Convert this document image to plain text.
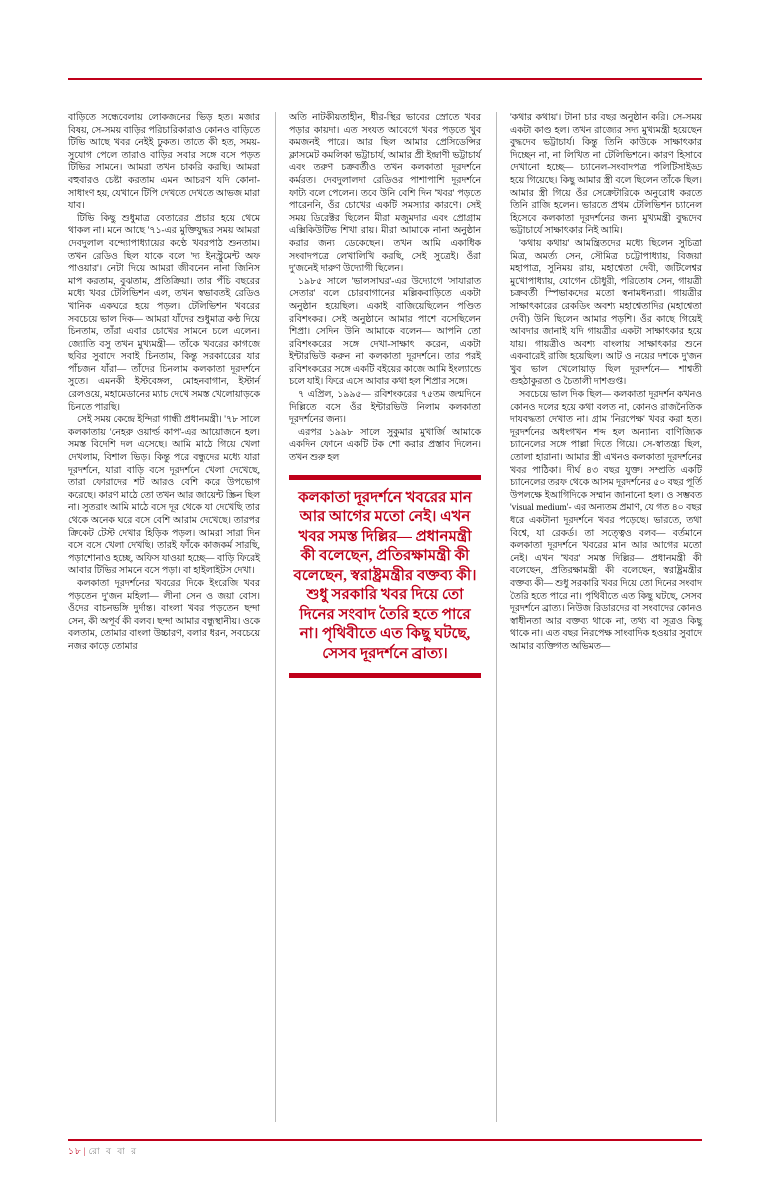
বাড়িতে সন্ধেবেলায় লোকজনের ভিড় হত। মজার বিষয়, সে-সময় বাড়ির পরিচারিকারাও কোনও বাড়িতে টিভি আছে খবর নেইই ঢুকত। তাতে কী হত, সময়-সুযোগ পেলে তারাও বাড়ির সবার সঙ্গে বসে পড়ত টিভির সামনে। আমরা তখন চাকরি করছি। আমরা বহুবারও চেষ্টা করতাম এমন আচরণ যদি কোনা-সাধাংণ হয়, যেখানে টিপি দেখতে দেখতে আভজ মারা যাব।

টিভি কিছু শুধুমাত্র বেতারের প্রচার হয়ে থেমে থাকল না। মনে আছে '৭১-এর মুক্তিযুদ্ধর সময় আমরা দেবদুলাল বন্দ্যোপাধ্যায়ের কণ্ঠে খবরপাঠ শুনতাম। তখন রেডিও ছিল যাকে বলে 'দ্য ইনস্ট্রুমেন্ট অফ পাওয়ার'। নেটা দিয়ে আমরা জীবনেন নানা জিনিস মাপ করতাম, বুঝতাম, প্রতিক্রিয়া। তার পঁচি বছরের মধ্যে খবর টেলিভিশন এল, তখন স্বভাবতই রেডিও খানিক একঘরে হয়ে পড়ল। টেলিভিশন খবরের সবচেয়ে ভাল দিক— আমরা যাঁদের শুধুমাত্র কণ্ঠ দিয়ে চিনতাম, তাঁরা এবার চোখের সামনে চলে এলেন। জ্যোতি বসু তখন মুখ্যমন্ত্রী— তাঁকে খবরের কাগজে ছবির সুবাদে সবাই চিনতাম, কিন্তু সরকারেের যার পাঁচজন যাঁরা— তাঁদের চিনলাম কলকাতা দূরদর্শনে সুতে। এমনকী ইস্টবেঙ্গল, মোহনবাগান, ইস্টার্ন রেলওয়ে, মহামেডানের ম্যাচ দেখে সমস্ত খেলোয়াড়কে চিনতে পারছি।

সেই সময় কেন্দ্রে ইন্দিরা গান্ধী প্রধানমন্ত্রী। '৭৮ সালে কলকাতায় 'নেহরু ওয়ার্ল্ড কাপ'-এর আয়োজনে হল। সমস্ত বিদেশি দল এসেছে। আমি মাঠে গিয়ে খেলা দেখলাম, বিশাল ভিড়। কিন্তু পরে বন্ধুদের মধ্যে যারা দূরদর্শনে, যারা বাড়ি বসে দূরদর্শনে খেলা দেখেছে, তারা ফোরাদের শট আরও বেশি করে উপভোগ করেছে। কারণ মাঠে তো তখন আর জায়েন্ট স্ক্রিন ছিল না। সুতরাং আমি মাঠে বসে দূর থেকে যা দেখেছি তার থেকে অনেক ঘরে বসে বেশি আরাম দেখেছে। তারপর ক্রিকেট টেস্ট দেখার হিড়িক পড়ল। আমরা সারা দিন বসে বসে খেলা দেখছি। তারই ফাঁকে কাজকর্ম সারছি, পড়াশোনাও হচ্ছে, অফিস যাওয়া হচ্ছে— বাড়ি ফিরেই আবার টিভির সামনে বসে পড়া। বা হাইলাইটস দেখা।

কলকাতা দূরদর্শনের খবরের দিকে ইংরেজি খবর পড়তেন দু'জন মহিলা— লীনা সেন ও জয়া বোস। ওঁদের বাচনভঙ্গি দুর্দান্ত। বাংলা খবর পড়তেন ছন্দা সেন, কী অপূর্ব কী বলব। ছন্দা আমার বন্ধুস্থানীয়। ওকে বলতাম, তোমার বাংলা উচ্চারণ, বলার ধরন, সবচেয়ে নজর কাড়ে তোমার

অতি নাটকীয়তাহীন, ধীর-স্থির ভাবের স্রোতে খবর পড়ার কায়দা। এত সংযত আবেগে খবর পড়তে খুব কমজনই পারে। আর ছিল আমার প্রেসিডেন্সির ক্লাসমেট কমলিকা ভট্টাচার্য, আমার প্রী ইন্দ্রাণী ভট্টাচার্য এবং তরুণ চক্রবর্তীও তখন কলকাতা দূরদর্শনে কর্মরত। দেবদুলালদা রেডিওর পাশাপাশি দূরদর্শনে ফাট্য বলে পেলেন। তবে উনি বেশি দিন 'খবর' পড়তে পারেননি, ওঁর চোখের একটি সমস্যার কারণে। সেই সময় ডিরেক্টর ছিলেন মীরা মজুমদার এবং প্রোগ্রাম এক্সিকিউটিভ শিখা রায়। মীরা আমাকে নানা অনুষ্ঠান করার জন্য ডেকেছেন। তখন আমি একাধিক সংবাদপত্রে লেখালিখি করছি, সেই সুত্রেই। ওঁরা দু'জনেই দারুণ উদ্যোগী ছিলেন।

১৯৮৫ সালে 'ভালসাঘর'-এর উদ্যোগে 'সাযারাত সেতার' বলে চোরবাগানের মল্লিকবাড়িতে একটা অনুষ্ঠান হয়েছিল। একাই বাজিয়েছিলেন পণ্ডিত রবিশংকর। সেই অনুষ্ঠানে আমার পাশে বসেছিলেন শিপ্রা। সেদিন উনি আমাকে বলেন— আপনি তো রবিশংকরের সঙ্গে দেখা-সাক্ষাৎ করেন, একটা ইন্টারভিউ করুন না কলকাতা দূরদর্শনে। তার পরই রবিশংকরের সঙ্গে একটি বইয়ের কাজে আমি ইংল্যান্ডে চলে যাই। ফিরে এসে আবার কথা হল শিপ্রার সঙ্গে।

৭ এপ্রিল, ১৯৯৫— রবিশংকরের ৭৫তম জন্মদিনে দিল্লিতে বসে ওঁর ইন্টারভিউ নিলাম কলকাতা দূরদর্শনের জন্য।

এরপর ১৯৯৮ সালে সুকুমার মুখার্জি আমাকে একদিন ফোনে একটি টক শো করার প্রস্তাব দিলেন। তখন শুরু হল

কলকাতা দূরদর্শনে খবরের মান আর আগের মতো নেই। এখন খবর সমস্ত দিল্লির— প্রধানমন্ত্রী কী বলেছেন, প্রতিরক্ষামন্ত্রী কী বলেছেন, স্বরাষ্ট্রমন্ত্রীর বক্তব্য কী। শুধু সরকারি খবর দিয়ে তো দিনের সংবাদ তৈরি হতে পারে না। পৃথিবীতে এত কিছু ঘটছে, সেসব দূরদর্শনে ব্রাত্য।

'কথার কথায়'। টানা চার বছর অনুষ্ঠান করি। সে-সময় একটা কাণ্ড হল। তখন রাজ্যের সদ্য মুখ্যমন্ত্রী হয়েছেন বুদ্ধদেব ভট্টাচার্য। কিন্তু তিনি কাউকে সাক্ষাৎকার দিচ্ছেন না, না লিখিত না টেলিভিশনে। কারণ হিসাবে দেখানো হচ্ছে— চ্যানেল-সংবাদপত্র পলিটিসাইড্ড হয়ে গিয়েছে। কিছু আমার স্ত্রী বলে ছিলেন তাঁকে ছিল। আমার স্ত্রী গিয়ে ওঁর সেক্রেটারিকে অনুরোধ করতে তিনি রাজি হলেন। ভারতে প্রথম টেলিভিশন চ্যানেল হিসেবে কলকাতা দূরদর্শনের জন্য মুখ্যমন্ত্রী বুদ্ধদেব ভট্টাচার্যে সাক্ষাৎকার নিই আমি।

'কথায় কথায়' আমন্ত্রিতদের মধ্যে ছিলেন সুচিত্রা মিত্র, অমর্ত্য সেন, সৌমিত্র চট্টোপাধ্যায়, বিজয়া মহাপাত্র, সুনিময় রায়, মহাশ্বেতা দেবী, জটিলেশ্বর মুখোপাধ্যায়, যোগেন চৌধুরী, পরিতোষ সেন, গায়ত্রী চক্রবর্তী স্পিভাকদের মতো স্বনামধন্যরা। গায়ত্রীর সাক্ষাৎকারের রেকডিং অবশ্য মহাশ্বেতাদির (মহাশ্বেতা দেবী) উনি ছিলেন আমার পড়শি। ওঁর কাছে গিয়েই আবদার জানাই যদি গায়ত্রীর একটা সাক্ষাৎকার হয়ে যায়। গায়ত্রীও অবশ্য বাংলায় সাক্ষাৎকার শুনে একবারেই রাজি হয়েছিল। আট ও নয়ের দশকে দু'জন খুব ভাল খেলোয়াড় ছিল দূরদর্শনে— শাশ্বতী গুহঠাকুরতা ও চৈতালী দাশগুপ্ত।

সবচেয়ে ভাল দিক ছিল— কলকাতা দূরদর্শন কখনও কোনও দলের হয়ে কথা বলত না, কোনও রাজনৈতিক দাযবদ্ধতা দেখাত না। গ্রাম 'নিরপেক্ষ' খবর করা হত। দূরদর্শনের অধংগখন শব্দ হল অন্যান্য বাণিজ্যিক চ্যানেলের সঙ্গে পাল্লা দিতে গিয়ে। সে-স্বাতন্ত্র্য ছিল, তোলা হারানা। আমার স্ত্রী এখনও কলকাতা দূরদর্শনের খবর পাঠিকা। দীর্ঘ ৪৩ বছর যুক্ত। সম্প্রতি একটি চ্যানেলের তরফ থেকে আসম দূরদর্শনের ৫০ বছর পূর্তি উপলক্ষে ইআগিদিকে সম্মান জানানো হল। ও সম্ভবত 'visual medium'- এর অন্যতম প্রমাণ, যে গত ৪০ বছর ধরে একটানা দূরদর্শনে খবর পড়েছে। ভারতে, তথা বিশ্বে, যা রেকর্ড। তা সত্ত্বেও বলব— বর্তমানে কলকাতা দূরদর্শনে খবরের মান আর আগের মতো নেই। এখন 'খবর' সমস্ত দিল্লির— প্রধানমন্ত্রী কী বলেছেন, প্রতিরক্ষামন্ত্রী কী বলেছেন, স্বরাষ্ট্রমন্ত্রীর বক্তব্য কী— শুধু সরকারি খবর দিয়ে তো দিনের সংবাদ তৈরি হতে পারে না। পৃথিবীতে এত কিছু ঘটছে, সেসব দূরদর্শনে ব্রাত্য। নিউজ রিডারদের বা সংবাদের কোনও স্বাধীনতা আর বক্তব্য থাকে না, তথ্য বা সূত্রও কিছু থাকে না। এত বছর নিরপেক্ষ সাংবাদিক হওয়ার সুবাদে আমার ব্যক্তিগত অভিমত—

১৮ | রো ব বা র
